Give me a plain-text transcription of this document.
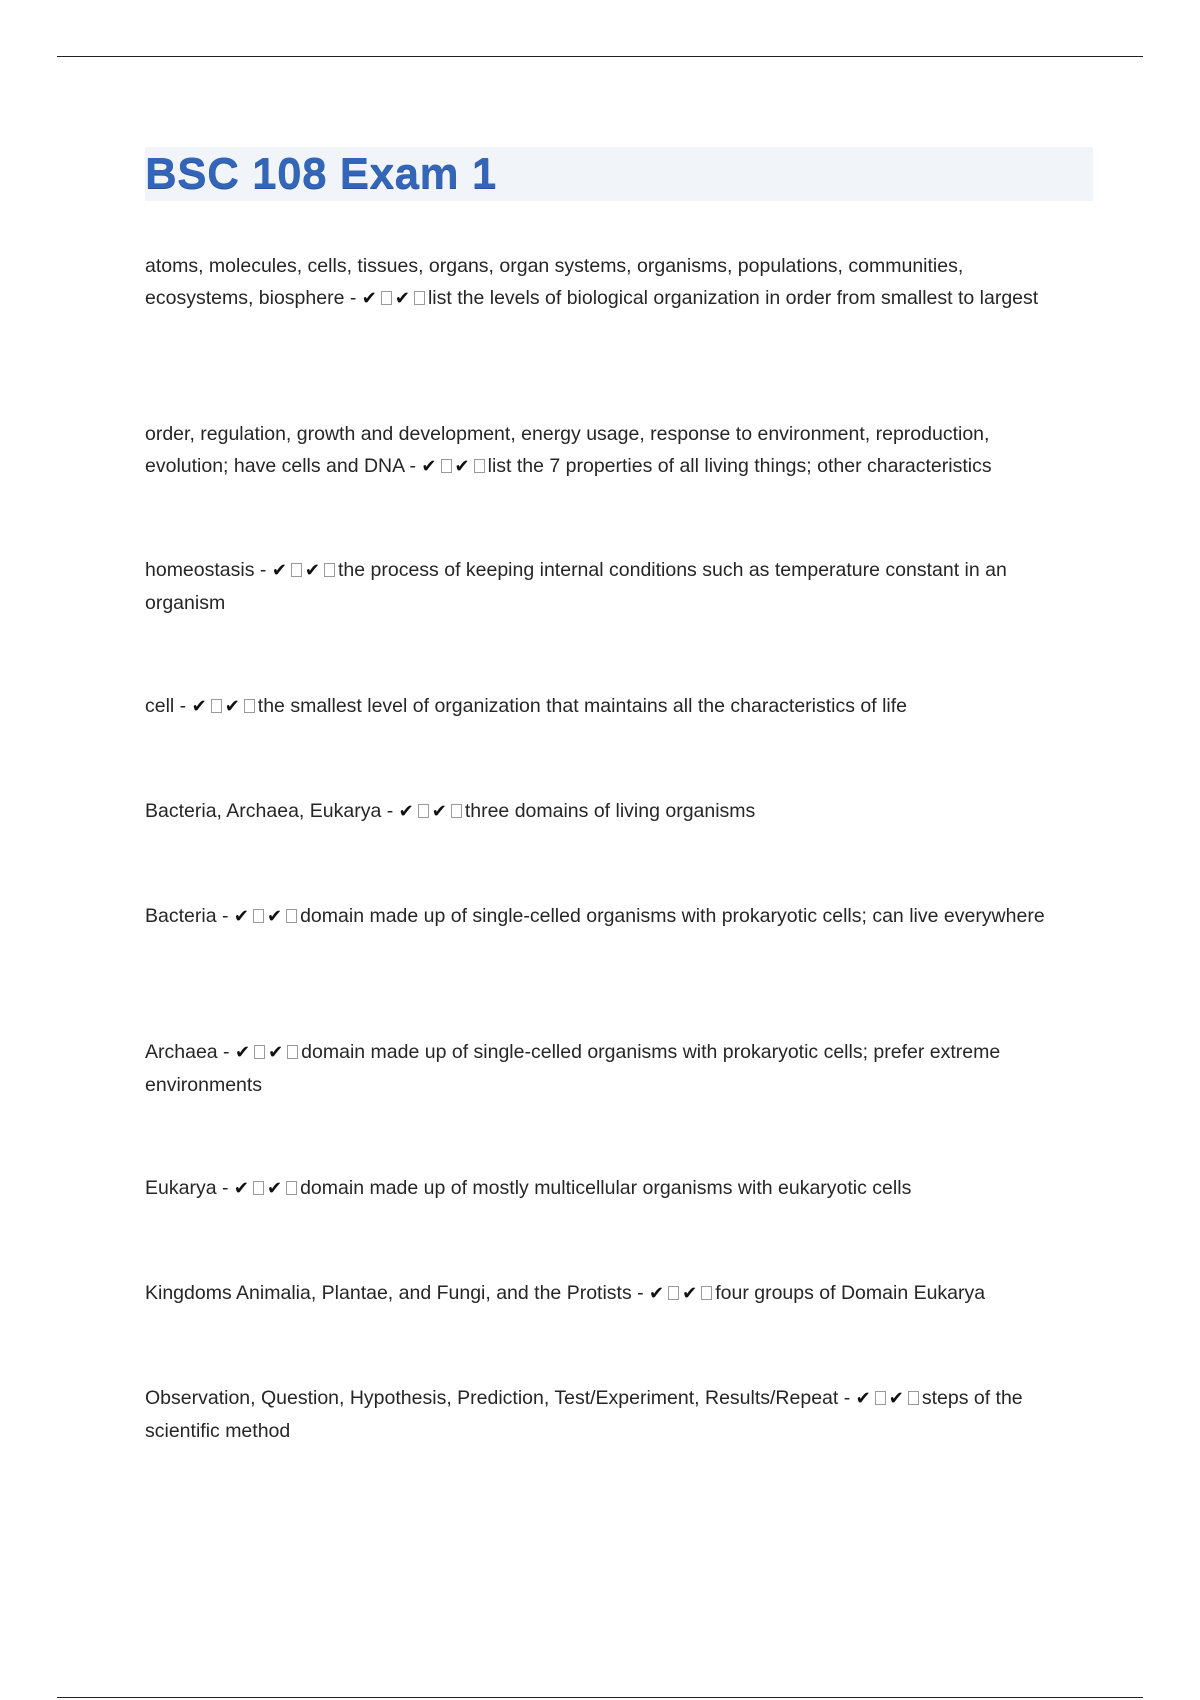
BSC 108 Exam 1
atoms, molecules, cells, tissues, organs, organ systems, organisms, populations, communities, ecosystems, biosphere - ✔ ✔ list the levels of biological organization in order from smallest to largest
order, regulation, growth and development, energy usage, response to environment, reproduction, evolution; have cells and DNA - ✔ ✔ list the 7 properties of all living things; other characteristics
homeostasis - ✔ ✔ the process of keeping internal conditions such as temperature constant in an organism
cell - ✔ ✔ the smallest level of organization that maintains all the characteristics of life
Bacteria, Archaea, Eukarya - ✔ ✔ three domains of living organisms
Bacteria - ✔ ✔ domain made up of single-celled organisms with prokaryotic cells; can live everywhere
Archaea - ✔ ✔ domain made up of single-celled organisms with prokaryotic cells; prefer extreme environments
Eukarya - ✔ ✔ domain made up of mostly multicellular organisms with eukaryotic cells
Kingdoms Animalia, Plantae, and Fungi, and the Protists - ✔ ✔ four groups of Domain Eukarya
Observation, Question, Hypothesis, Prediction, Test/Experiment, Results/Repeat - ✔ ✔ steps of the scientific method
